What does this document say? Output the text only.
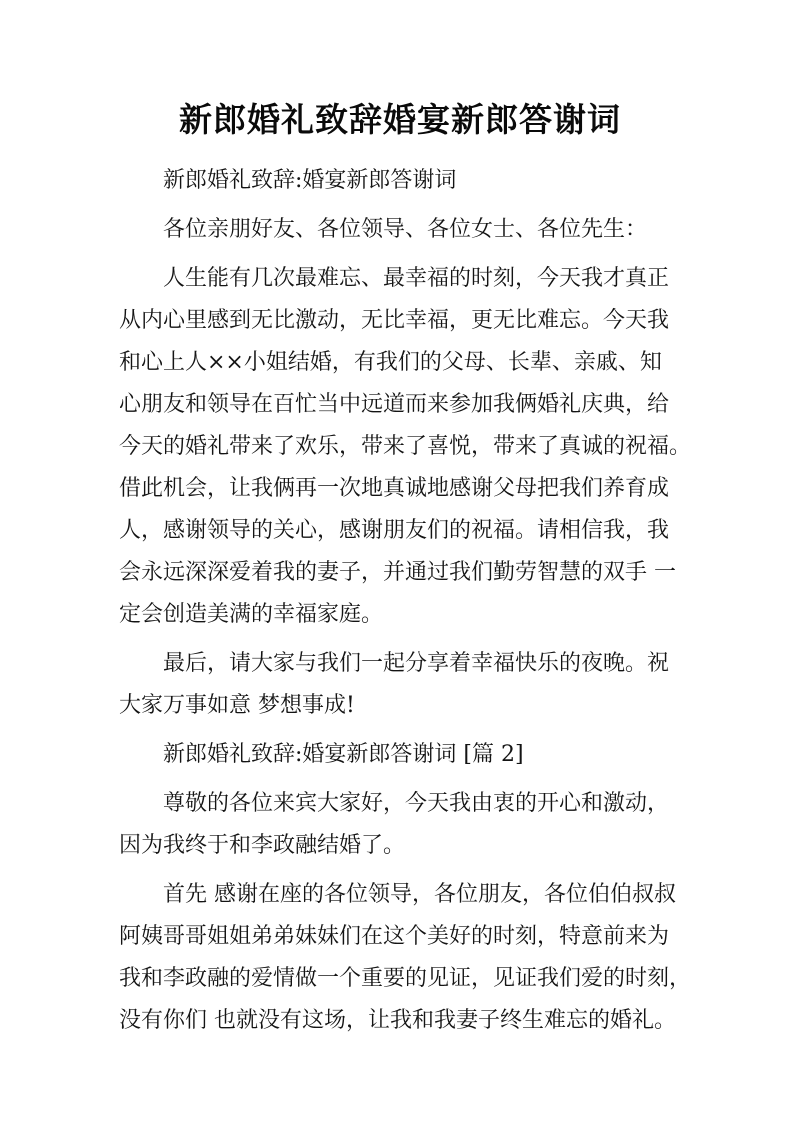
新郎婚礼致辞婚宴新郎答谢词

新郎婚礼致辞:婚宴新郎答谢词

各位亲朋好友、各位领导、各位女士、各位先生：

人生能有几次最难忘、最幸福的时刻，今天我才真正

从内心里感到无比激动，无比幸福，更无比难忘。今天我

和心上人××小姐结婚，有我们的父母、长辈、亲戚、知

心朋友和领导在百忙当中远道而来参加我俩婚礼庆典，给

今天的婚礼带来了欢乐，带来了喜悦，带来了真诚的祝福。

借此机会，让我俩再一次地真诚地感谢父母把我们养育成

人，感谢领导的关心，感谢朋友们的祝福。请相信我，我

会永远深深爱着我的妻子，并通过我们勤劳智慧的双手 一

定会创造美满的幸福家庭。

最后，请大家与我们一起分享着幸福快乐的夜晚。祝

大家万事如意 梦想事成!

新郎婚礼致辞:婚宴新郎答谢词 [篇 2]

尊敬的各位来宾大家好，今天我由衷的开心和激动，

因为我终于和李政融结婚了。

首先 感谢在座的各位领导，各位朋友，各位伯伯叔叔

阿姨哥哥姐姐弟弟妹妹们在这个美好的时刻，特意前来为

我和李政融的爱情做一个重要的见证，见证我们爱的时刻，

没有你们 也就没有这场，让我和我妻子终生难忘的婚礼。
